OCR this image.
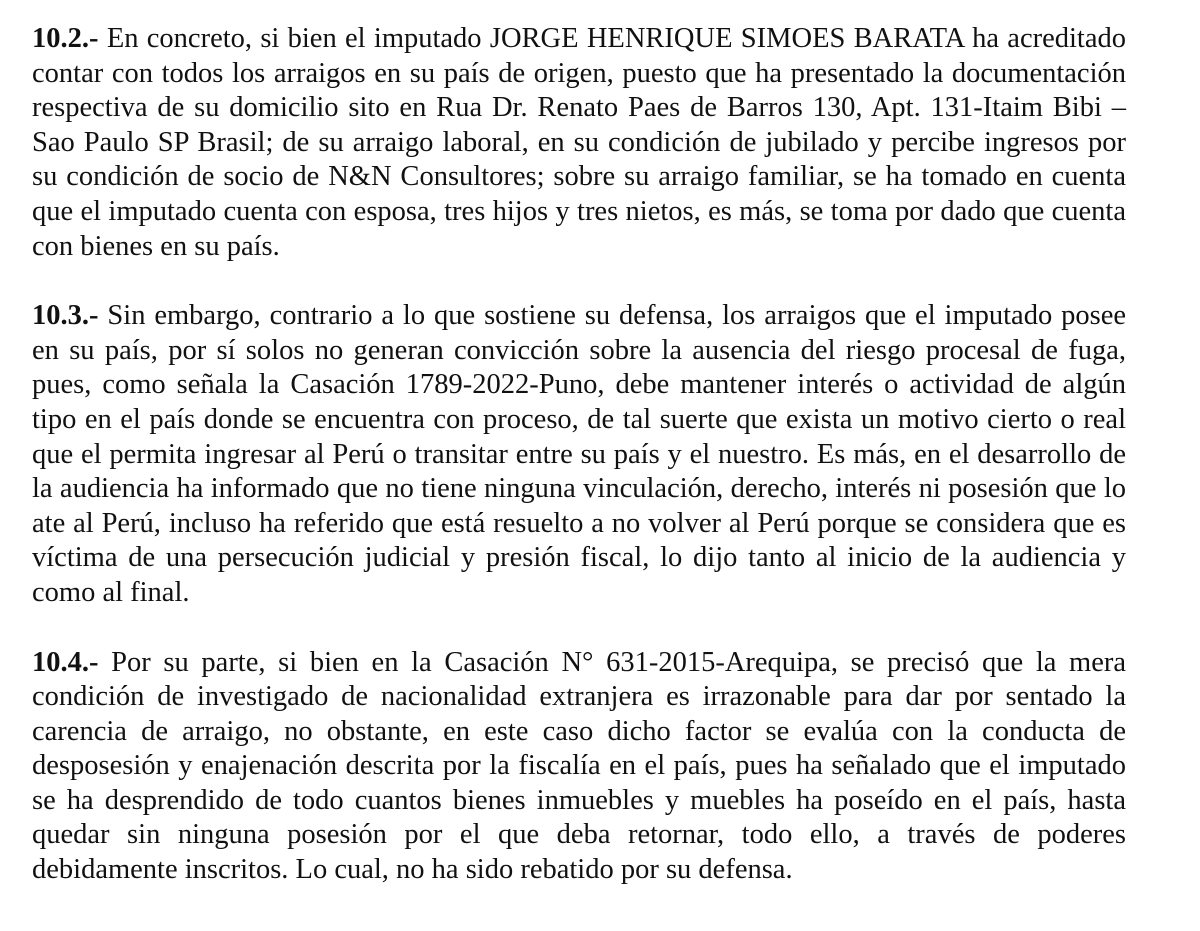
10.2.- En concreto, si bien el imputado JORGE HENRIQUE SIMOES BARATA ha acreditado contar con todos los arraigos en su país de origen, puesto que ha presentado la documentación respectiva de su domicilio sito en Rua Dr. Renato Paes de Barros 130, Apt. 131-Itaim Bibi – Sao Paulo SP Brasil; de su arraigo laboral, en su condición de jubilado y percibe ingresos por su condición de socio de N&N Consultores; sobre su arraigo familiar, se ha tomado en cuenta que el imputado cuenta con esposa, tres hijos y tres nietos, es más, se toma por dado que cuenta con bienes en su país.

10.3.- Sin embargo, contrario a lo que sostiene su defensa, los arraigos que el imputado posee en su país, por sí solos no generan convicción sobre la ausencia del riesgo procesal de fuga, pues, como señala la Casación 1789-2022-Puno, debe mantener interés o actividad de algún tipo en el país donde se encuentra con proceso, de tal suerte que exista un motivo cierto o real que el permita ingresar al Perú o transitar entre su país y el nuestro. Es más, en el desarrollo de la audiencia ha informado que no tiene ninguna vinculación, derecho, interés ni posesión que lo ate al Perú, incluso ha referido que está resuelto a no volver al Perú porque se considera que es víctima de una persecución judicial y presión fiscal, lo dijo tanto al inicio de la audiencia y como al final.

10.4.- Por su parte, si bien en la Casación N° 631-2015-Arequipa, se precisó que la mera condición de investigado de nacionalidad extranjera es irrazonable para dar por sentado la carencia de arraigo, no obstante, en este caso dicho factor se evalúa con la conducta de desposesión y enajenación descrita por la fiscalía en el país, pues ha señalado que el imputado se ha desprendido de todo cuantos bienes inmuebles y muebles ha poseído en el país, hasta quedar sin ninguna posesión por el que deba retornar, todo ello, a través de poderes debidamente inscritos. Lo cual, no ha sido rebatido por su defensa.
